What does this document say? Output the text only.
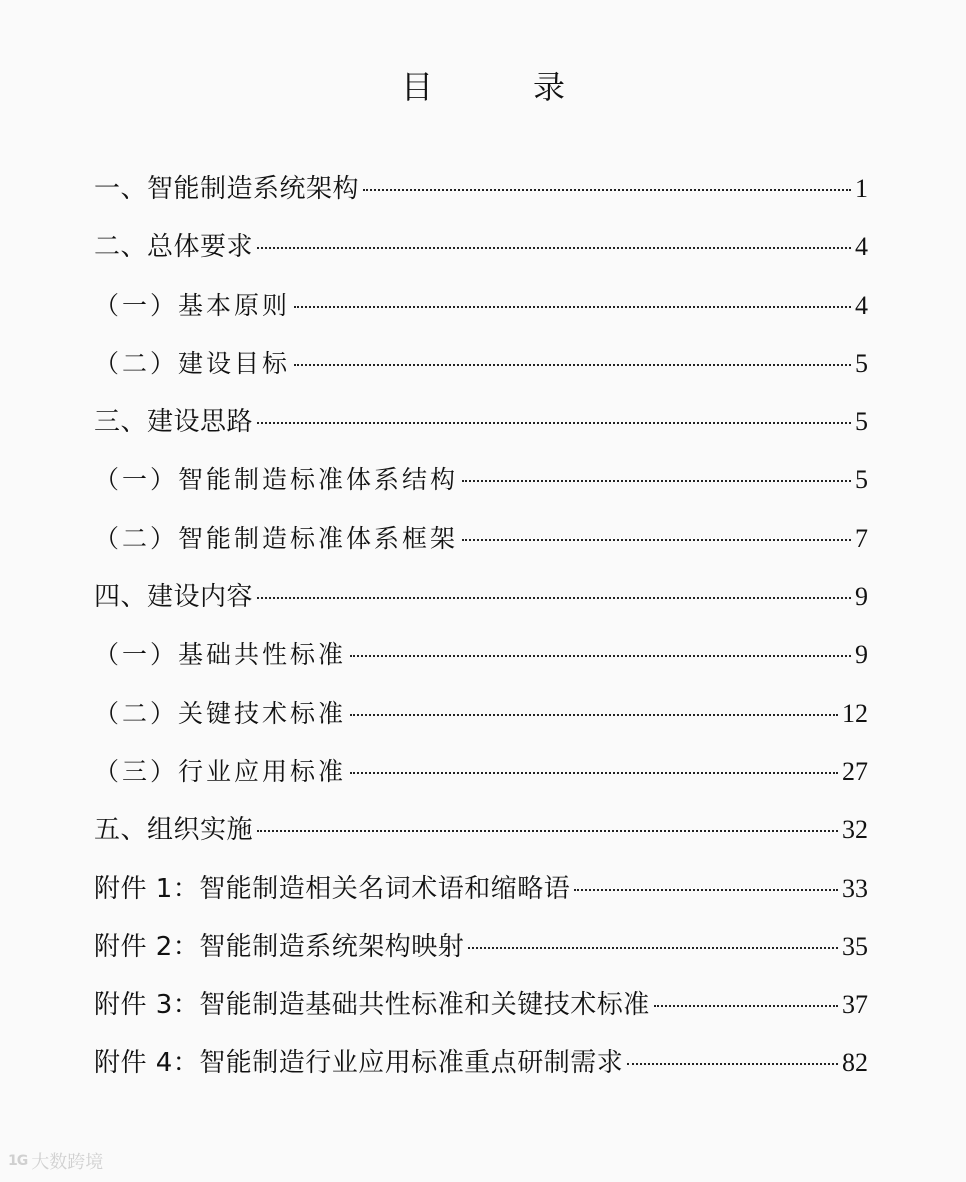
目　录
一、智能制造系统架构	1
二、总体要求	4
（一）基本原则	4
（二）建设目标	5
三、建设思路	5
（一）智能制造标准体系结构	5
（二）智能制造标准体系框架	7
四、建设内容	9
（一）基础共性标准	9
（二）关键技术标准	12
（三）行业应用标准	27
五、组织实施	32
附件 1：智能制造相关名词术语和缩略语	33
附件 2：智能制造系统架构映射	35
附件 3：智能制造基础共性标准和关键技术标准	37
附件 4：智能制造行业应用标准重点研制需求	82
1G 大数跨境
